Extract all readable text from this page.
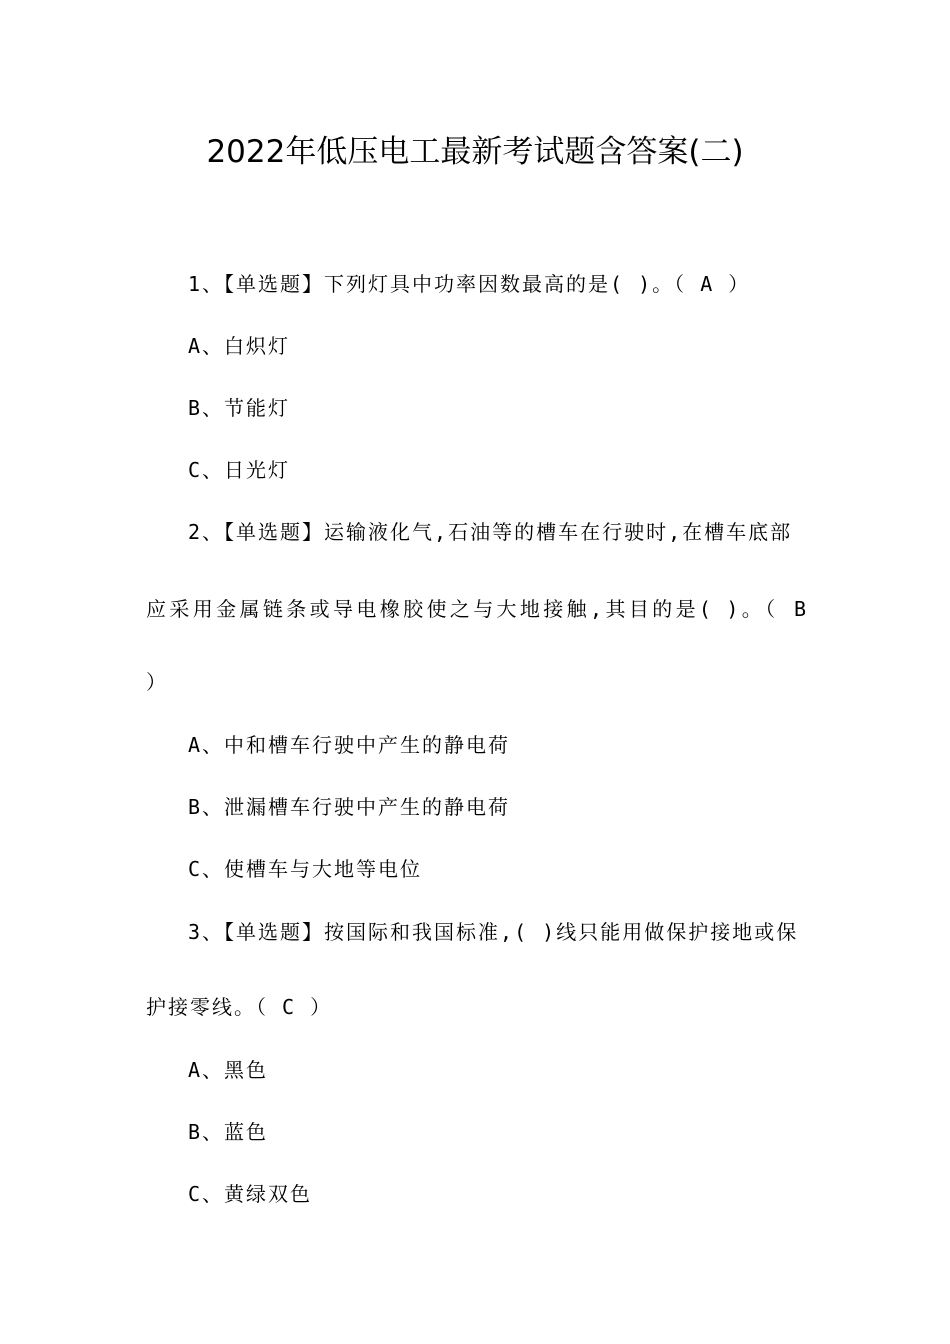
2022年低压电工最新考试题含答案(二)
1、【单选题】下列灯具中功率因数最高的是( )。（ A ）
A、白炽灯
B、节能灯
C、日光灯
2、【单选题】运输液化气,石油等的槽车在行驶时,在槽车底部
应采用金属链条或导电橡胶使之与大地接触,其目的是( )。（ B
）
A、中和槽车行驶中产生的静电荷
B、泄漏槽车行驶中产生的静电荷
C、使槽车与大地等电位
3、【单选题】按国际和我国标准,( )线只能用做保护接地或保
护接零线。（ C ）
A、黑色
B、蓝色
C、黄绿双色
